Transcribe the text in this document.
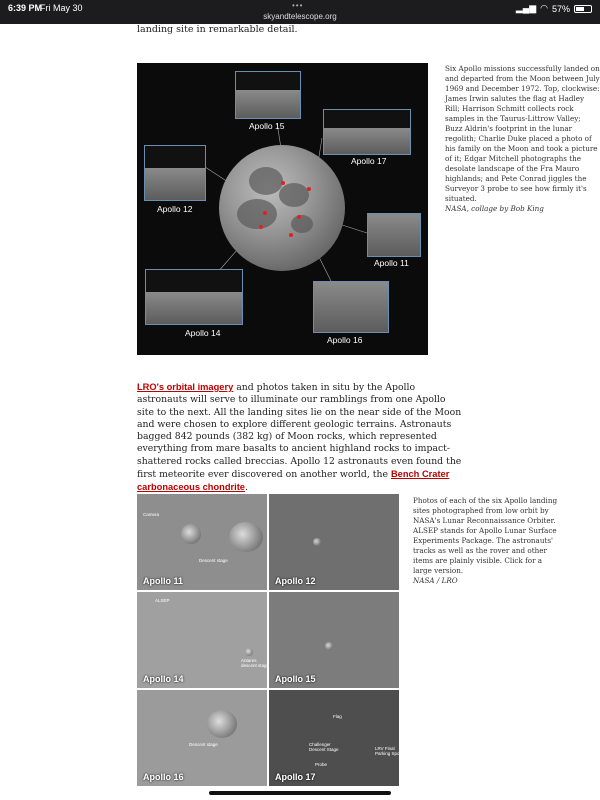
6:39 PM
Fri May 30	•••
skyandtelescope.org
▂▄▆ ◠ 57%
landing site in remarkable detail.
Apollo 15
Apollo 17
Apollo 12
Apollo 11
Apollo 14
Apollo 16
Six Apollo missions successfully landed on and departed from the Moon between July 1969 and December 1972. Top, clockwise: James Irwin salutes the flag at Hadley Rill; Harrison Schmitt collects rock samples in the Taurus-Littrow Valley; Buzz Aldrin's footprint in the lunar regolith; Charlie Duke placed a photo of his family on the Moon and took a picture of it; Edgar Mitchell photographs the desolate landscape of the Fra Mauro highlands; and Pete Conrad jiggles the Surveyor 3 probe to see how firmly it's situated.
NASA, collage by Bob King

LRO's orbital imagery and photos taken in situ by the Apollo astronauts will serve to illuminate our ramblings from one Apollo site to the next. All the landing sites lie on the near side of the Moon and were chosen to explore different geologic terrains. Astronauts bagged 842 pounds (382 kg) of Moon rocks, which represented everything from mare basalts to ancient highland rocks to impact-shattered rocks called breccias. Apollo 12 astronauts even found the first meteorite ever discovered on another world, the Bench Crater carbonaceous chondrite.

Camera
Descent stage
Apollo 11	Apollo 12
ALSEP
Antares
descent stage
Apollo 14	Apollo 15
Descent stage
Apollo 16
Flag
Challenger
Descent Stage	LRV Final
Parking Spot
Probe
Apollo 17
Photos of each of the six Apollo landing sites photographed from low orbit by NASA's Lunar Reconnaissance Orbiter. ALSEP stands for Apollo Lunar Surface Experiments Package. The astronauts' tracks as well as the rover and other items are plainly visible. Click for a large version.
NASA / LRO
